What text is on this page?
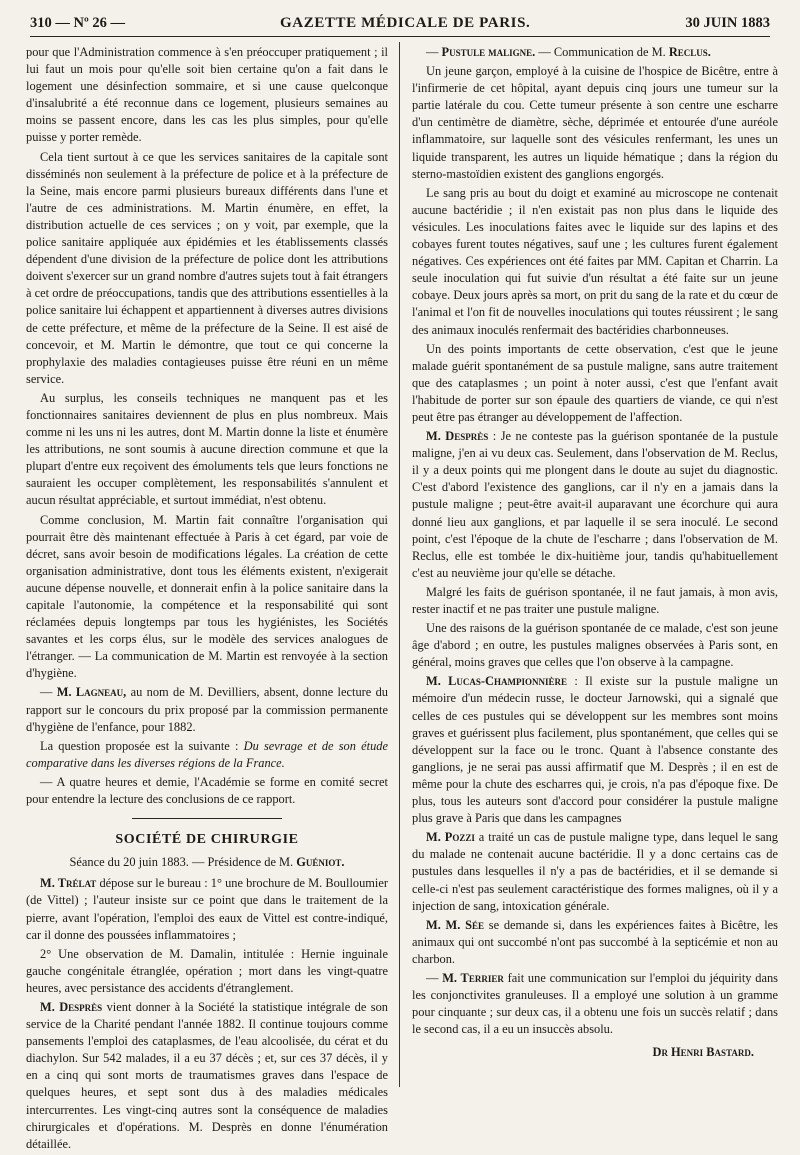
310 — Nº 26 —	GAZETTE MÉDICALE DE PARIS.	30 JUIN 1883

pour que l'Administration commence à s'en préoccuper pratiquement ; il lui faut un mois pour qu'elle soit bien certaine qu'on a fait dans le logement une désinfection sommaire, et si une cause quelconque d'insalubrité a été reconnue dans ce logement, plusieurs semaines au moins se passent encore, dans les cas les plus simples, pour qu'elle puisse y porter remède.

Cela tient surtout à ce que les services sanitaires de la capitale sont disséminés non seulement à la préfecture de police et à la préfecture de la Seine, mais encore parmi plusieurs bureaux différents dans l'une et l'autre de ces administrations. M. Martin énumère, en effet, la distribution actuelle de ces services ; on y voit, par exemple, que la police sanitaire appliquée aux épidémies et les établissements classés dépendent d'une division de la préfecture de police dont les attributions doivent s'exercer sur un grand nombre d'autres sujets tout à fait étrangers à cet ordre de préoccupations, tandis que des attributions essentielles à la police sanitaire lui échappent et appartiennent à diverses autres divisions de cette préfecture, et même de la préfecture de la Seine. Il est aisé de concevoir, et M. Martin le démontre, que tout ce qui concerne la prophylaxie des maladies contagieuses puisse être réuni en un même service.

Au surplus, les conseils techniques ne manquent pas et les fonctionnaires sanitaires deviennent de plus en plus nombreux. Mais comme ni les uns ni les autres, dont M. Martin donne la liste et énumère les attributions, ne sont soumis à aucune direction commune et que la plupart d'entre eux reçoivent des émoluments tels que leurs fonctions ne sauraient les occuper complètement, les responsabilités s'annulent et aucun résultat appréciable, et surtout immédiat, n'est obtenu.

Comme conclusion, M. Martin fait connaître l'organisation qui pourrait être dès maintenant effectuée à Paris à cet égard, par voie de décret, sans avoir besoin de modifications légales. La création de cette organisation administrative, dont tous les éléments existent, n'exigerait aucune dépense nouvelle, et donnerait enfin à la police sanitaire dans la capitale l'autonomie, la compétence et la responsabilité qui sont réclamées depuis longtemps par tous les hygiénistes, les Sociétés savantes et les corps élus, sur le modèle des services analogues de l'étranger. — La communication de M. Martin est renvoyée à la section d'hygiène.

— M. Lagneau, au nom de M. Devilliers, absent, donne lecture du rapport sur le concours du prix proposé par la commission permanente d'hygiène de l'enfance, pour 1882.

La question proposée est la suivante : Du sevrage et de son étude comparative dans les diverses régions de la France.

— A quatre heures et demie, l'Académie se forme en comité secret pour entendre la lecture des conclusions de ce rapport.

SOCIÉTÉ DE CHIRURGIE

Séance du 20 juin 1883. — Présidence de M. Guéniot.

M. Trélat dépose sur le bureau : 1° une brochure de M. Boulloumier (de Vittel) ; l'auteur insiste sur ce point que dans le traitement de la pierre, avant l'opération, l'emploi des eaux de Vittel est contre-indiqué, car il donne des poussées inflammatoires ;

2° Une observation de M. Damalin, intitulée : Hernie inguinale gauche congénitale étranglée, opération ; mort dans les vingt-quatre heures, avec persistance des accidents d'étranglement.

M. Desprès vient donner à la Société la statistique intégrale de son service de la Charité pendant l'année 1882. Il continue toujours comme pansements l'emploi des cataplasmes, de l'eau alcoolisée, du cérat et du diachylon. Sur 542 malades, il a eu 37 décès ; et, sur ces 37 décès, il y en a cinq qui sont morts de traumatismes graves dans l'espace de quelques heures, et sept sont dus à des maladies médicales intercurrentes. Les vingt-cinq autres sont la conséquence de maladies chirurgicales et d'opérations. M. Desprès en donne l'énumération détaillée.

— Pustule maligne. — Communication de M. Reclus.

Un jeune garçon, employé à la cuisine de l'hospice de Bicêtre, entre à l'infirmerie de cet hôpital, ayant depuis cinq jours une tumeur sur la partie latérale du cou. Cette tumeur présente à son centre une escharre d'un centimètre de diamètre, sèche, déprimée et entourée d'une auréole inflammatoire, sur laquelle sont des vésicules renfermant, les unes un liquide transparent, les autres un liquide hématique ; dans la région du sterno-mastoïdien existent des ganglions engorgés.

Le sang pris au bout du doigt et examiné au microscope ne contenait aucune bactéridie ; il n'en existait pas non plus dans le liquide des vésicules. Les inoculations faites avec le liquide sur des lapins et des cobayes furent toutes négatives, sauf une ; les cultures furent également négatives. Ces expériences ont été faites par MM. Capitan et Charrin. La seule inoculation qui fut suivie d'un résultat a été faite sur un jeune cobaye. Deux jours après sa mort, on prit du sang de la rate et du cœur de l'animal et l'on fit de nouvelles inoculations qui toutes réussirent ; le sang des animaux inoculés renfermait des bactéridies charbonneuses.

Un des points importants de cette observation, c'est que le jeune malade guérit spontanément de sa pustule maligne, sans autre traitement que des cataplasmes ; un point à noter aussi, c'est que l'enfant avait l'habitude de porter sur son épaule des quartiers de viande, ce qui n'est peut être pas étranger au développement de l'affection.

M. Desprès : Je ne conteste pas la guérison spontanée de la pustule maligne, j'en ai vu deux cas. Seulement, dans l'observation de M. Reclus, il y a deux points qui me plongent dans le doute au sujet du diagnostic. C'est d'abord l'existence des ganglions, car il n'y en a jamais dans la pustule maligne ; peut-être avait-il auparavant une écorchure qui aura donné lieu aux ganglions, et par laquelle il se sera inoculé. Le second point, c'est l'époque de la chute de l'escharre ; dans l'observation de M. Reclus, elle est tombée le dix-huitième jour, tandis qu'habituellement c'est au neuvième jour qu'elle se détache.

Malgré les faits de guérison spontanée, il ne faut jamais, à mon avis, rester inactif et ne pas traiter une pustule maligne.

Une des raisons de la guérison spontanée de ce malade, c'est son jeune âge d'abord ; en outre, les pustules malignes observées à Paris sont, en général, moins graves que celles que l'on observe à la campagne.

M. Lucas-Championnière : Il existe sur la pustule maligne un mémoire d'un médecin russe, le docteur Jarnowski, qui a signalé que celles de ces pustules qui se développent sur les membres sont moins graves et guérissent plus facilement, plus spontanément, que celles qui se développent sur la face ou le tronc. Quant à l'absence constante des ganglions, je ne serai pas aussi affirmatif que M. Desprès ; il en est de même pour la chute des escharres qui, je crois, n'a pas d'époque fixe. De plus, tous les auteurs sont d'accord pour considérer la pustule maligne plus grave à Paris que dans les campagnes

M. Pozzi a traité un cas de pustule maligne type, dans lequel le sang du malade ne contenait aucune bactéridie. Il y a donc certains cas de pustules dans lesquelles il n'y a pas de bactéridies, et il se demande si celle-ci n'est pas seulement caractéristique des formes malignes, où il y a injection de sang, intoxication générale.

M. M. Sée se demande si, dans les expériences faites à Bicêtre, les animaux qui ont succombé n'ont pas succombé à la septicémie et non au charbon.

— M. Terrier fait une communication sur l'emploi du jéquirity dans les conjonctivites granuleuses. Il a employé une solution à un gramme pour cinquante ; sur deux cas, il a obtenu une fois un succès relatif ; dans le second cas, il a eu un insuccès absolu.

Dr Henri Bastard.
